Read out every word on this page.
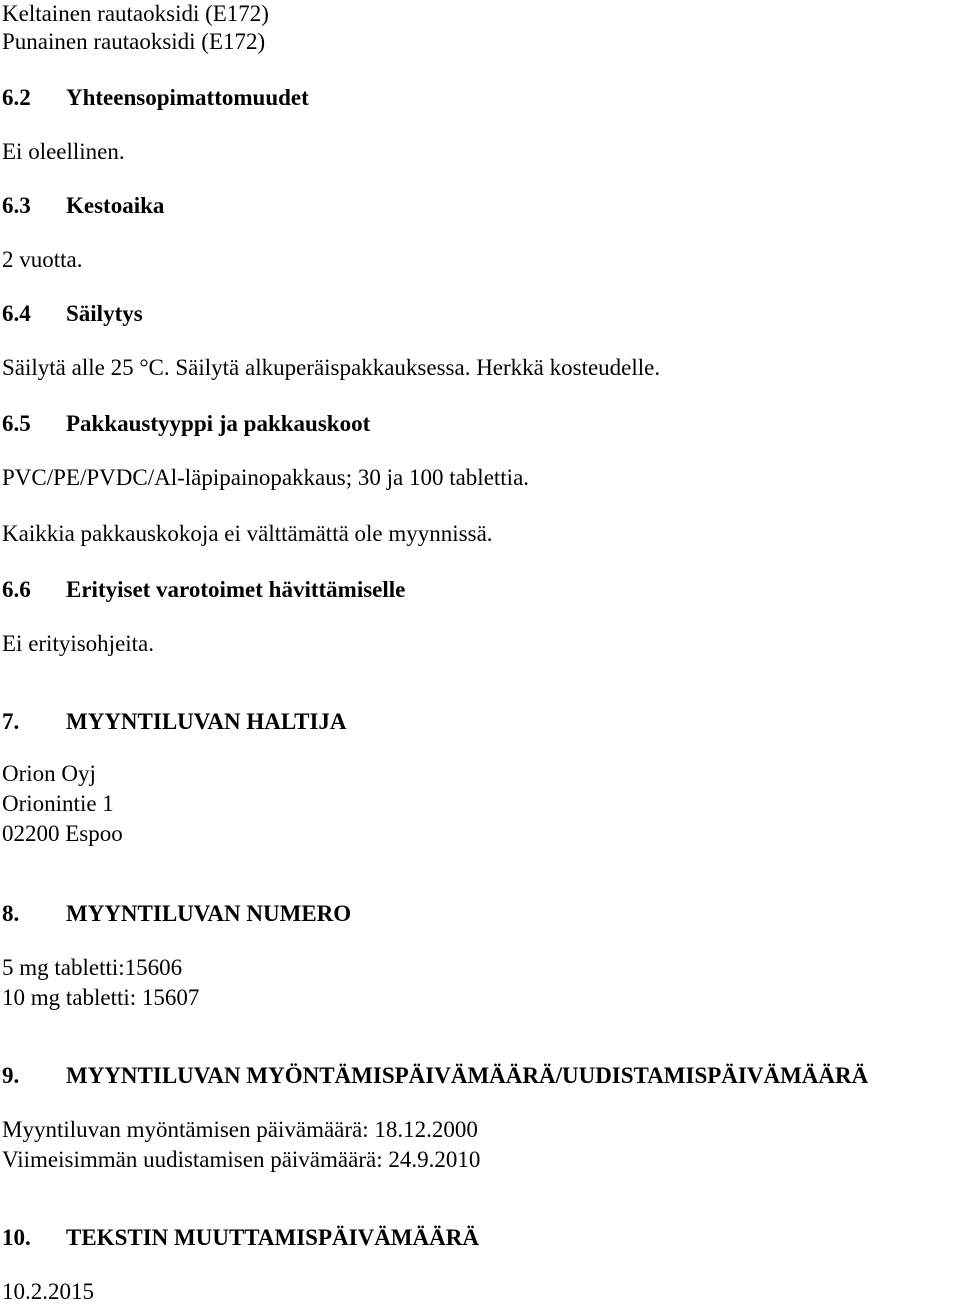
Keltainen rautaoksidi (E172)
Punainen rautaoksidi (E172)
6.2 Yhteensopimattomuudet
Ei oleellinen.
6.3 Kestoaika
2 vuotta.
6.4 Säilytys
Säilytä alle 25 °C. Säilytä alkuperäispakkauksessa. Herkkä kosteudelle.
6.5 Pakkaustyyppi ja pakkauskoot
PVC/PE/PVDC/Al-läpipainopakkaus; 30 ja 100 tablettia.
Kaikkia pakkauskokoja ei välttämättä ole myynnissä.
6.6 Erityiset varotoimet hävittämiselle
Ei erityisohjeita.
7. MYYNTILUVAN HALTIJA
Orion Oyj
Orionintie 1
02200 Espoo
8. MYYNTILUVAN NUMERO
5 mg tabletti:15606
10 mg tabletti: 15607
9. MYYNTILUVAN MYÖNTÄMISPÄIVÄMÄÄRÄ/UUDISTAMISPÄIVÄMÄÄRÄ
Myyntiluvan myöntämisen päivämäärä: 18.12.2000
Viimeisimmän uudistamisen päivämäärä: 24.9.2010
10. TEKSTIN MUUTTAMISPÄIVÄMÄÄRÄ
10.2.2015
